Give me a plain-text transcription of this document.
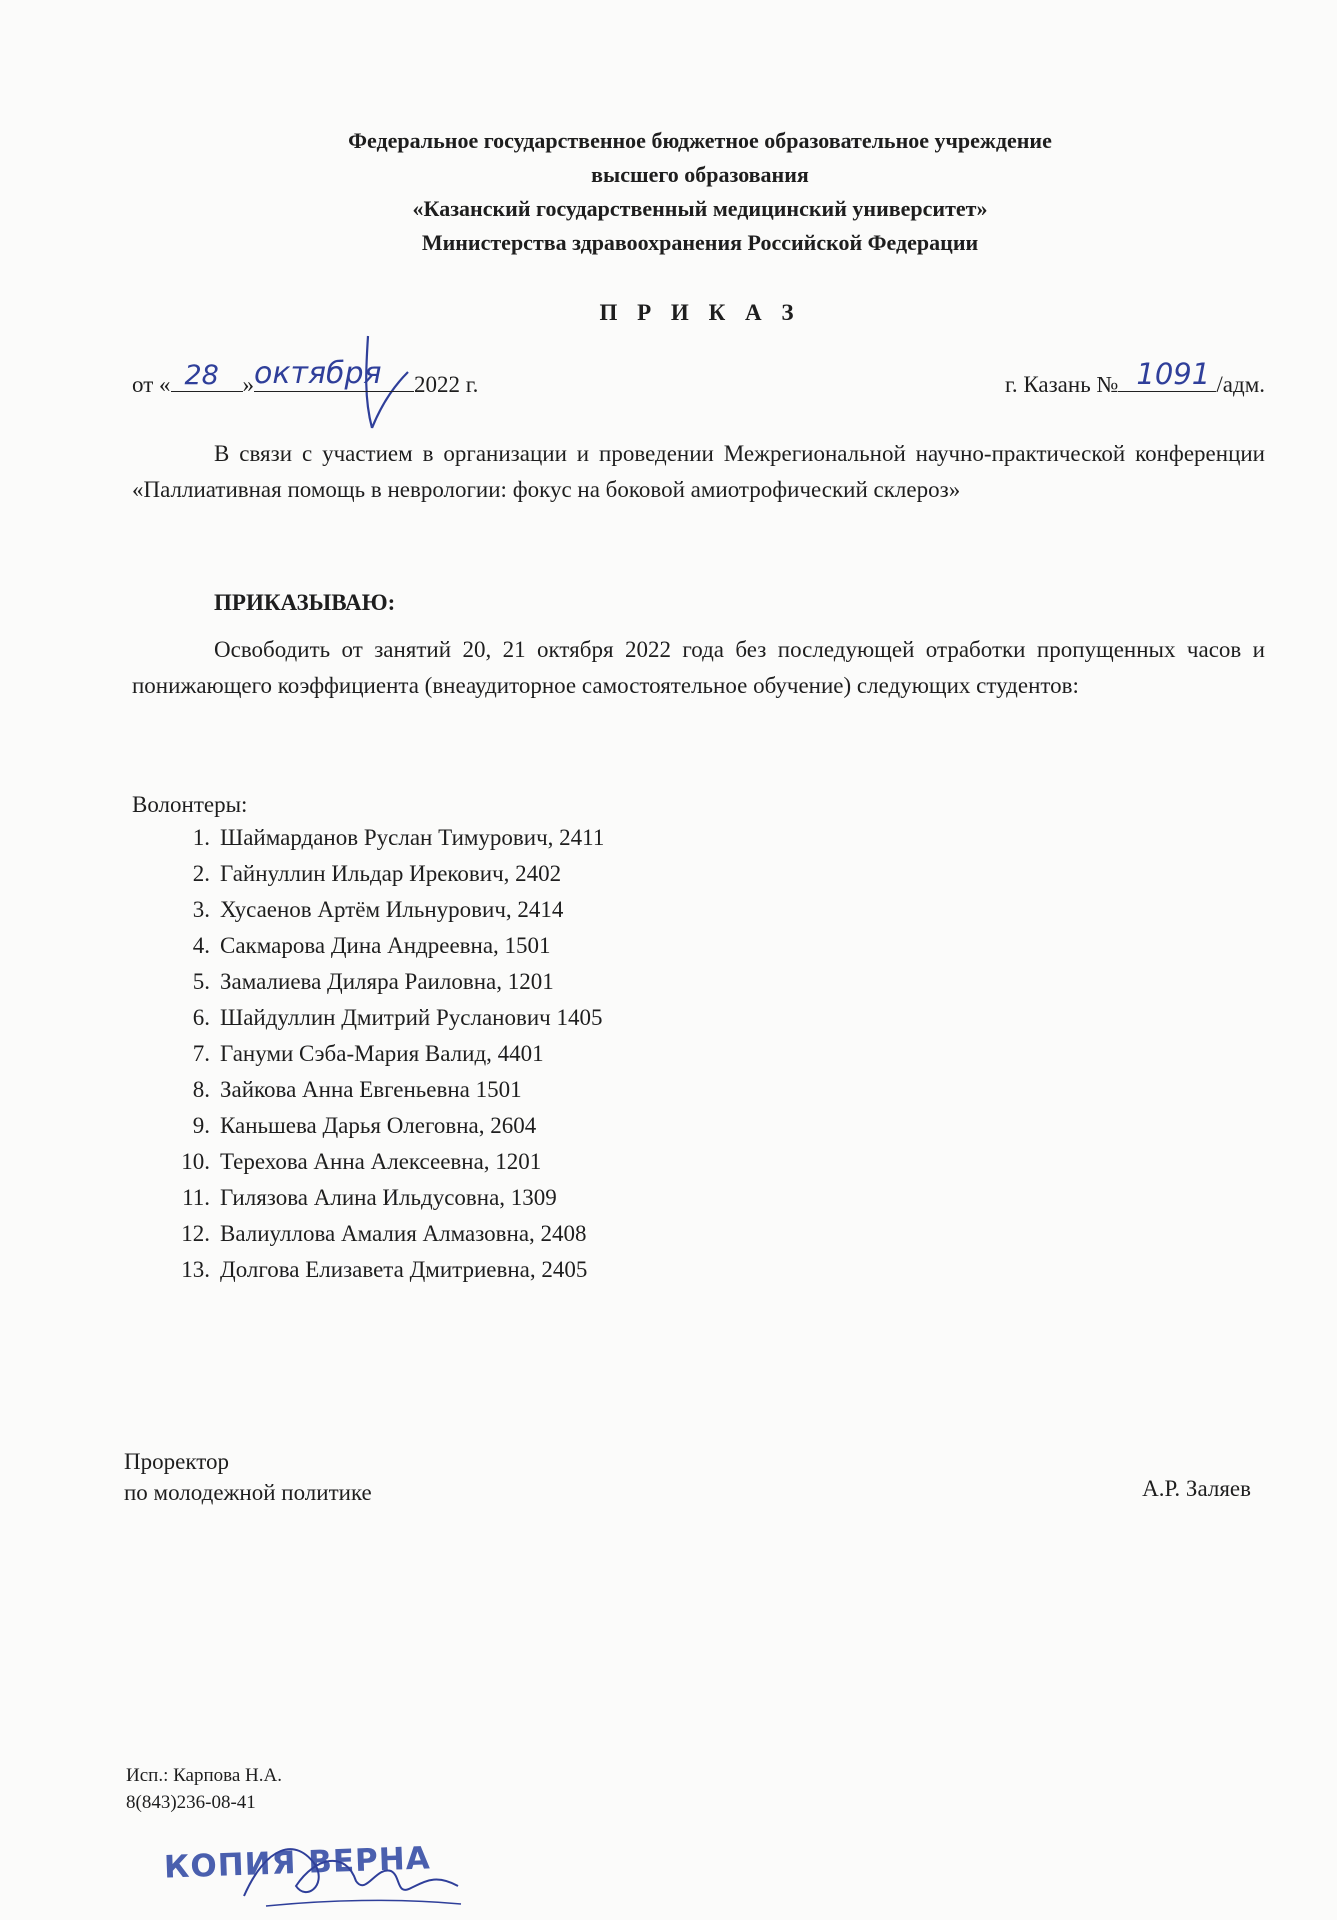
Федеральное государственное бюджетное образовательное учреждение
высшего образования
«Казанский государственный медицинский университет»
Министерства здравоохранения Российской Федерации
П Р И К А З
от « 28 » октября 2022 г.	г. Казань № 1091 /адм.
В связи с участием в организации и проведении Межрегиональной научно-практической конференции «Паллиативная помощь в неврологии: фокус на боковой амиотрофический склероз»
ПРИКАЗЫВАЮ:
Освободить от занятий 20, 21 октября 2022 года без последующей отработки пропущенных часов и понижающего коэффициента (внеаудиторное самостоятельное обучение) следующих студентов:
Волонтеры:
1. Шаймарданов Руслан Тимурович, 2411
2. Гайнуллин Ильдар Ирекович, 2402
3. Хусаенов Артём Ильнурович, 2414
4. Сакмарова Дина Андреевна, 1501
5. Замалиева Диляра Раиловна, 1201
6. Шайдуллин Дмитрий Русланович 1405
7. Гануми Сэба-Мария Валид, 4401
8. Зайкова Анна Евгеньевна 1501
9. Каньшева Дарья Олеговна, 2604
10. Терехова Анна Алексеевна, 1201
11. Гилязова Алина Ильдусовна, 1309
12. Валиуллова Амалия Алмазовна, 2408
13. Долгова Елизавета Дмитриевна, 2405
Проректор
по молодежной политике	А.Р. Заляев
Исп.: Карпова Н.А.
8(843)236-08-41
КОПИЯ ВЕРНА
